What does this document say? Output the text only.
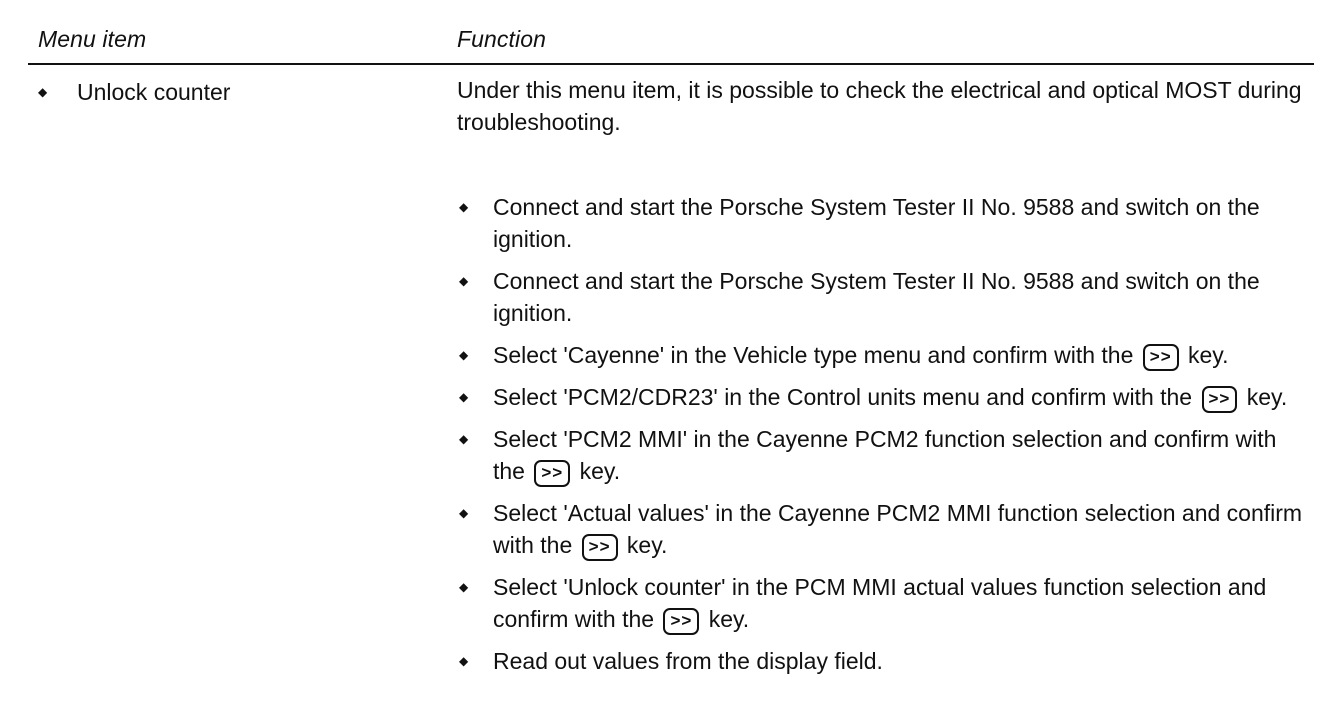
Menu item	Function
◆ Unlock counter	Under this menu item, it is possible to check the electrical and optical MOST during troubleshooting.
◆ Connect and start the Porsche System Tester II No. 9588 and switch on the ignition.
◆ Connect and start the Porsche System Tester II No. 9588 and switch on the ignition.
◆ Select 'Cayenne' in the Vehicle type menu and confirm with the >> key.
◆ Select 'PCM2/CDR23' in the Control units menu and confirm with the >> key.
◆ Select 'PCM2 MMI' in the Cayenne PCM2 function selection and confirm with the >> key.
◆ Select 'Actual values' in the Cayenne PCM2 MMI function selection and confirm with the >> key.
◆ Select 'Unlock counter' in the PCM MMI actual values function selection and confirm with the >> key.
◆ Read out values from the display field.
